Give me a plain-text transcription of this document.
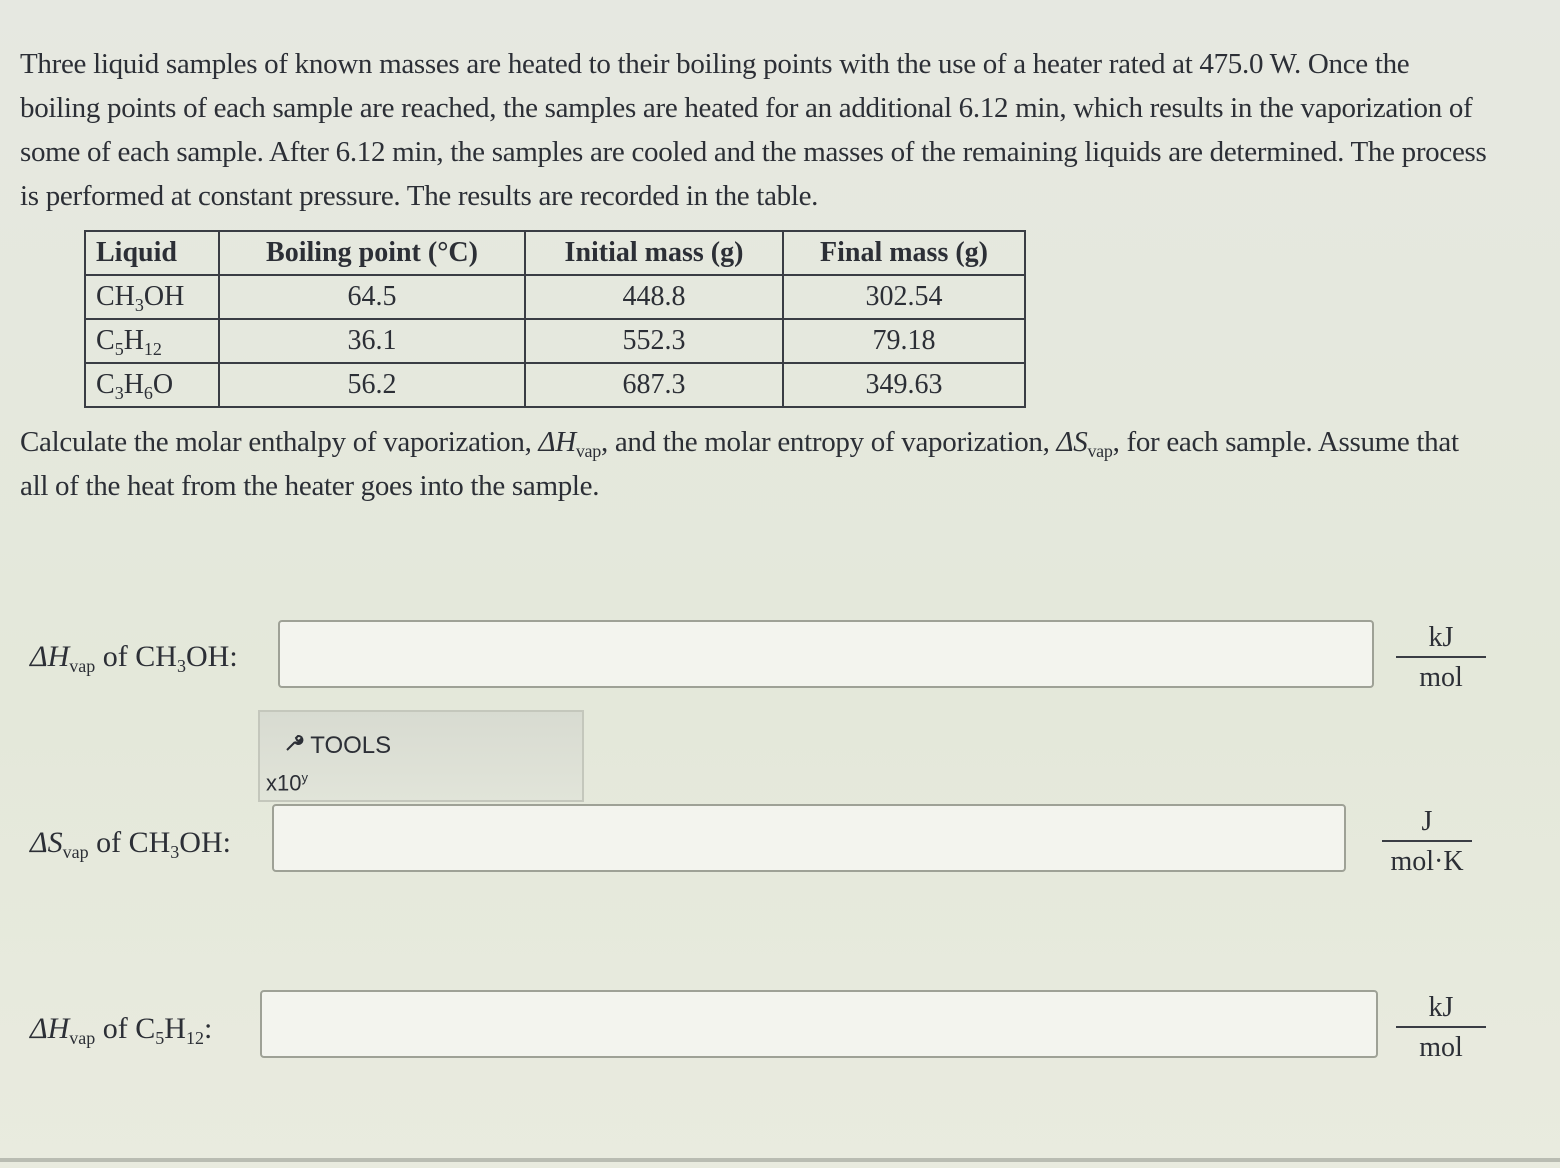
Three liquid samples of known masses are heated to their boiling points with the use of a heater rated at 475.0 W. Once the boiling points of each sample are reached, the samples are heated for an additional 6.12 min, which results in the vaporization of some of each sample. After 6.12 min, the samples are cooled and the masses of the remaining liquids are determined. The process is performed at constant pressure. The results are recorded in the table.
Liquid	Boiling point (°C)	Initial mass (g)	Final mass (g)
$CH_3OH$	64.5	448.8	302.54
$C_5H_{12}$	36.1	552.3	79.18
$C_3H_6O$	56.2	687.3	349.63
Calculate the molar enthalpy of vaporization, $\Delta H_{vap}$, and the molar entropy of vaporization, $\Delta S_{vap}$, for each sample. Assume that all of the heat from the heater goes into the sample.
$\Delta H_{vap}$ of $CH_3OH$:
kJ
mol
TOOLS
x10$^y$
$\Delta S_{vap}$ of $CH_3OH$:
J
mol·K
$\Delta H_{vap}$ of $C_5H_{12}$:
kJ
mol
